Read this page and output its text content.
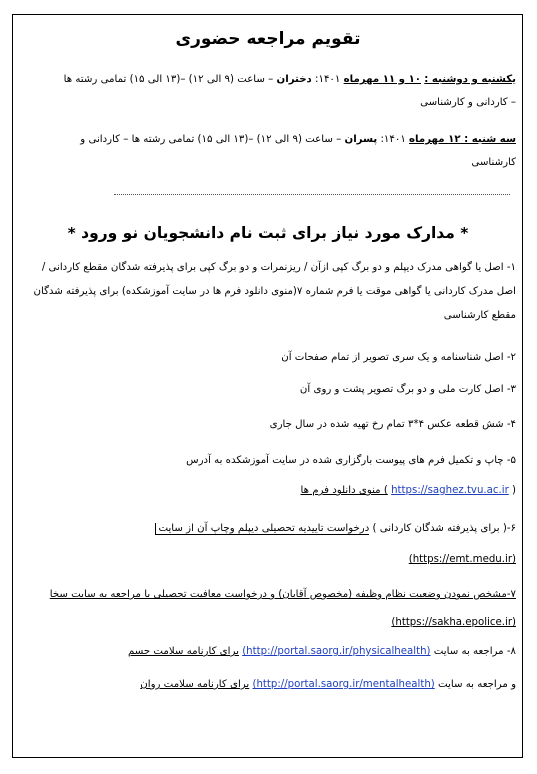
تقویم مراجعه حضوری
یکشنبه و دوشنبه : ۱۰ و ۱۱ مهرماه ۱۴۰۱: دختران – ساعت (۹ الی ۱۲) –(۱۳ الی ۱۵) تمامی رشته ها
– کاردانی و کارشناسی
سه شنبه : ۱۲ مهرماه ۱۴۰۱: پسران – ساعت (۹ الی ۱۲) –(۱۳ الی ۱۵) تمامی رشته ها – کاردانی و
کارشناسی
* مدارک مورد نیاز برای ثبت نام دانشجویان نو ورود *
۱- اصل یا گواهی مدرک دیپلم و دو برگ کپی ازآن / ریزنمرات و دو برگ کپی برای پذیرفته شدگان مقطع کاردانی / اصل مدرک کاردانی یا گواهی موقت یا فرم شماره ۷(منوی دانلود فرم ها در سایت آموزشکده) برای پذیرفته شدگان مقطع کارشناسی
۲- اصل شناسنامه و یک سری تصویر از تمام صفحات آن
۳- اصل کارت ملی و دو برگ تصویر پشت و روی آن
۴- شش قطعه عکس ۴*۳ تمام رخ تهیه شده در سال جاری
۵- چاپ و تکمیل فرم های پیوست بارگزاری شده در سایت آموزشکده به آدرس
( https://saghez.tvu.ac.ir ) منوی دانلود فرم ها
۶-( برای پذیرفته شدگان کاردانی ) درخواست تاییدیه تحصیلی دیپلم وچاپ آن از سایت
(https://emt.medu.ir)
۷-مشخص نمودن وضعیت نظام وظیفه (مخصوص آقایان) و درخواست معافیت تحصیلی با مراجعه به سایت سخا
(https://sakha.epolice.ir)
۸- مراجعه به سایت (http://portal.saorg.ir/physicalhealth) برای کارنامه سلامت جسم
و مراجعه به سایت (http://portal.saorg.ir/mentalhealth) برای کارنامه سلامت روان
